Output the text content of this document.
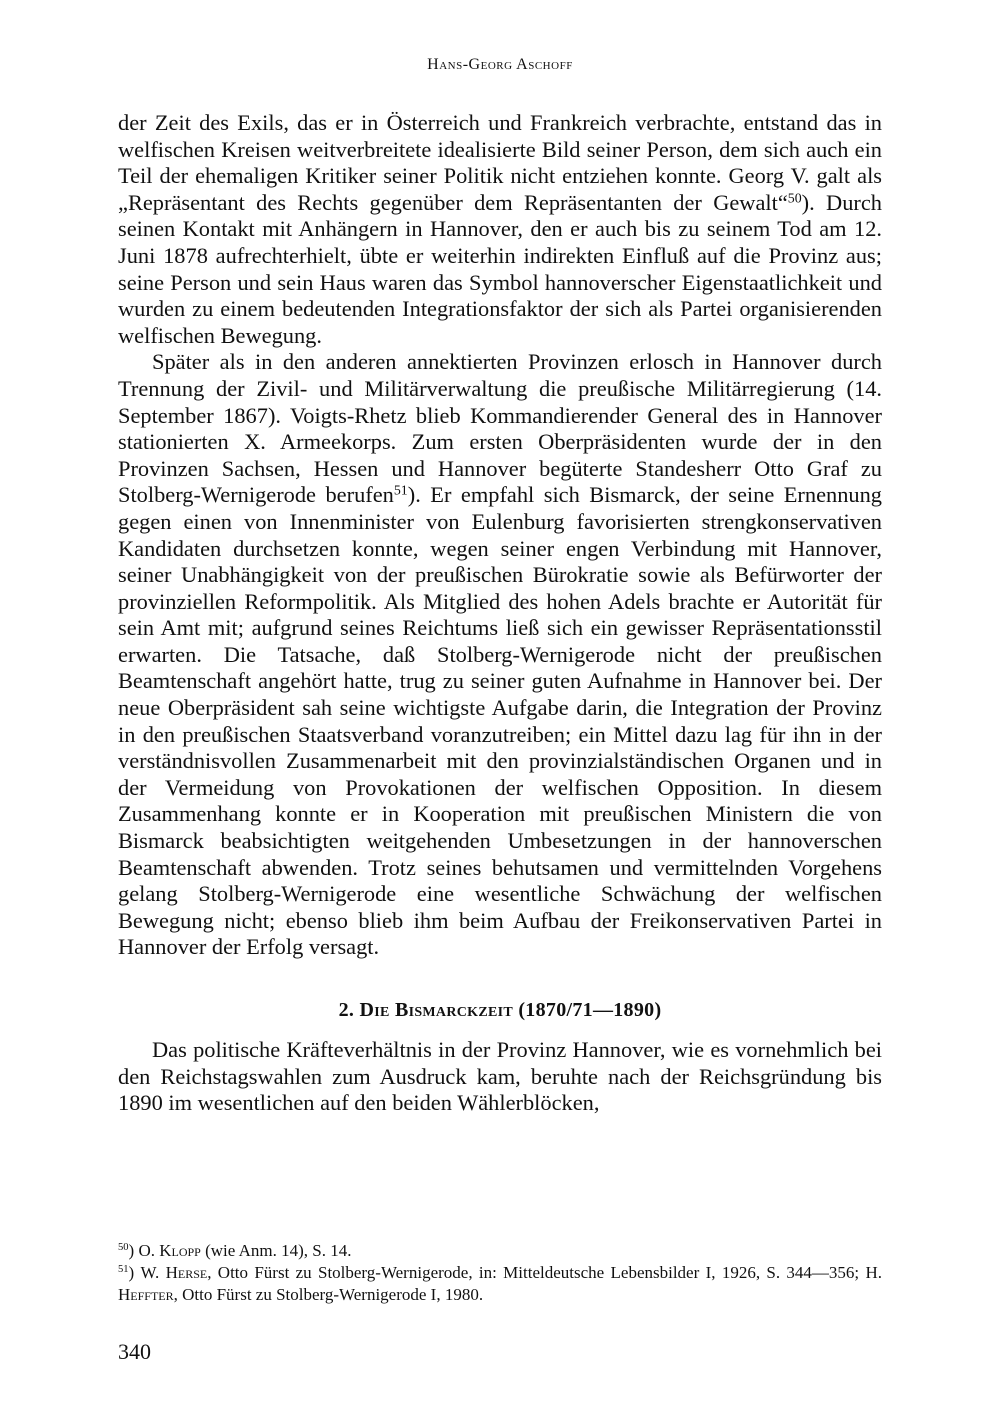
Hans-Georg Aschoff

der Zeit des Exils, das er in Österreich und Frankreich verbrachte, entstand das in welfischen Kreisen weitverbreitete idealisierte Bild seiner Person, dem sich auch ein Teil der ehemaligen Kritiker seiner Politik nicht entziehen konnte. Georg V. galt als „Repräsentant des Rechts gegenüber dem Repräsentanten der Gewalt“$^{50}$). Durch seinen Kontakt mit Anhängern in Hannover, den er auch bis zu seinem Tod am 12. Juni 1878 aufrechterhielt, übte er weiterhin indirekten Einfluß auf die Provinz aus; seine Person und sein Haus waren das Symbol hannoverscher Eigenstaatlichkeit und wurden zu einem bedeutenden Integrationsfaktor der sich als Partei organisierenden welfischen Bewegung.

Später als in den anderen annektierten Provinzen erlosch in Hannover durch Trennung der Zivil- und Militärverwaltung die preußische Militärregierung (14. September 1867). Voigts-Rhetz blieb Kommandierender General des in Hannover stationierten X. Armeekorps. Zum ersten Oberpräsidenten wurde der in den Provinzen Sachsen, Hessen und Hannover begüterte Standesherr Otto Graf zu Stolberg-Wernigerode berufen$^{51}$). Er empfahl sich Bismarck, der seine Ernennung gegen einen von Innenminister von Eulenburg favorisierten strengkonservativen Kandidaten durchsetzen konnte, wegen seiner engen Verbindung mit Hannover, seiner Unabhängigkeit von der preußischen Bürokratie sowie als Befürworter der provinziellen Reformpolitik. Als Mitglied des hohen Adels brachte er Autorität für sein Amt mit; aufgrund seines Reichtums ließ sich ein gewisser Repräsentationsstil erwarten. Die Tatsache, daß Stolberg-Wernigerode nicht der preußischen Beamtenschaft angehört hatte, trug zu seiner guten Aufnahme in Hannover bei. Der neue Oberpräsident sah seine wichtigste Aufgabe darin, die Integration der Provinz in den preußischen Staatsverband voranzutreiben; ein Mittel dazu lag für ihn in der verständnisvollen Zusammenarbeit mit den provinzialständischen Organen und in der Vermeidung von Provokationen der welfischen Opposition. In diesem Zusammenhang konnte er in Kooperation mit preußischen Ministern die von Bismarck beabsichtigten weitgehenden Umbesetzungen in der hannoverschen Beamtenschaft abwenden. Trotz seines behutsamen und vermittelnden Vorgehens gelang Stolberg-Wernigerode eine wesentliche Schwächung der welfischen Bewegung nicht; ebenso blieb ihm beim Aufbau der Freikonservativen Partei in Hannover der Erfolg versagt.

2. Die Bismarckzeit (1870/71—1890)

Das politische Kräfteverhältnis in der Provinz Hannover, wie es vornehmlich bei den Reichstagswahlen zum Ausdruck kam, beruhte nach der Reichsgründung bis 1890 im wesentlichen auf den beiden Wählerblöcken,

$^{50}$) O. Klopp (wie Anm. 14), S. 14.

$^{51}$) W. Herse, Otto Fürst zu Stolberg-Wernigerode, in: Mitteldeutsche Lebensbilder I, 1926, S. 344—356; H. Heffter, Otto Fürst zu Stolberg-Wernigerode I, 1980.

340
